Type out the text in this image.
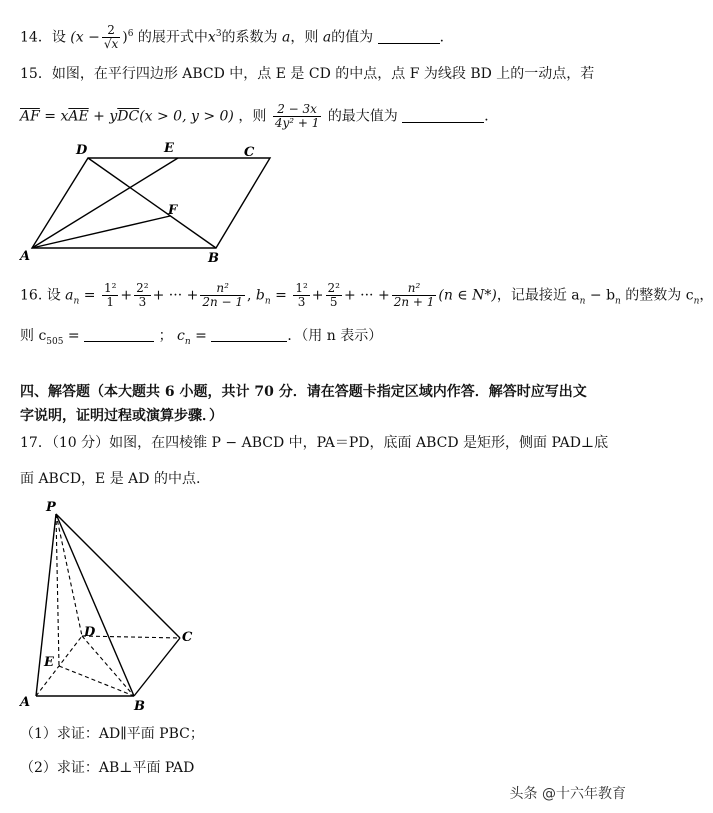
14．设 $(x - \frac{2}{√x} )^6$ 的展开式中$x^3$的系数为 a，则 a的值为	．
15．如图，在平行四边形 ABCD 中，点 E 是 CD 的中点，点 F 为线段 BD 上的一动点，若
$\overline{AF} = x\overline{AE} + y\overline{DC}(x > 0$, y > 0) ，则 $\frac{2 - 3x}{\text{4y² + 1}}$ 的最大值为	．
D	E	C
F
A	B
16. 设 $a_n = \frac{\text{1²}}{1} + \frac{\text{2²}}{3}$ + ··· + $\frac{\text{n²}}{2n - 1}$ , $b_n = \frac{\text{1²}}{3} + \frac{\text{2²}}{5}$ + ··· + $\frac{\text{n²}}{2n + 1} (n$ ∈ N*)，记最接近 $a_n - b_n$ 的整数为 $c_n$，
则 $c_{505}$ =	； $c_n$ =	．（用 n 表示）
四、解答题（本大题共 6 小题，共计 70 分．请在答题卡指定区域内作答．解答时应写出文
字说明，证明过程或演算步骤．）
17．（10 分）如图，在四棱锥 P − ABCD 中，PA＝PD，底面 ABCD 是矩形，侧面 PAD⊥底
面 ABCD，E 是 AD 的中点.
P
D	C
E
A	B
（1）求证：AD∥平面 PBC；
（2）求证：AB⊥平面 PAD
头条 @十六年教育
